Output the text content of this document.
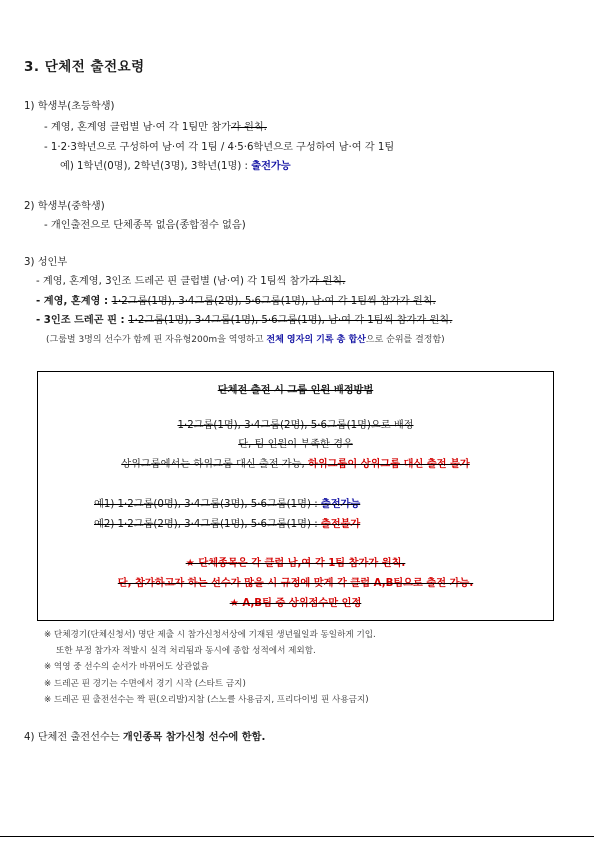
3. 단체전 출전요령
1) 학생부(초등학생)
- 계영, 혼계영 클럽별 남·여 각 1팀만 참가가 원칙.
- 1·2·3학년으로 구성하여 남·여 각 1팀 / 4·5·6학년으로 구성하여 남·여 각 1팀
예) 1학년(0명), 2학년(3명), 3학년(1명) : 출전가능
2) 학생부(중학생)
- 개인출전으로 단체종목 없음(종합점수 없음)
3) 성인부
- 계영, 혼계영, 3인조 드레곤 핀 클럽별 (남·여) 각 1팀씩 참가가 원칙.
- 계영, 혼계영 : 1·2그룹(1명), 3·4그룹(2명), 5·6그룹(1명), 남·여 각 1팀씩 참가가 원칙.
- 3인조 드레곤 핀 : 1·2그룹(1명), 3·4그룹(1명), 5·6그룹(1명), 남·여 각 1팀씩 참가가 원칙.
(그룹별 3명의 선수가 함께 핀 자유형200m을 역영하고 전체 영자의 기록 총 합산으로 순위를 결정함)
단체전 출전 시 그룹 인원 배정방법
1·2그룹(1명), 3·4그룹(2명), 5·6그룹(1명)으로 배정
단, 팀 인원이 부족한 경우
상위그룹에서는 하위그룹 대신 출전 가능, 하위그룹이 상위그룹 대신 출전 불가
예1) 1·2그룹(0명), 3·4그룹(3명), 5·6그룹(1명) : 출전가능
예2) 1·2그룹(2명), 3·4그룹(1명), 5·6그룹(1명) : 출전불가
★ 단체종목은 각 클럽 남,여 각 1팀 참가가 원칙.
단, 참가하고자 하는 선수가 많을 시 규정에 맞게 각 클럽 A,B팀으로 출전 가능.
★ A,B팀 중 상위점수만 인정
※ 단체경기(단체신청서) 명단 제출 시 참가신청서상에 기재된 생년월일과 동일하게 기입.
또한 부정 참가자 적발시 실격 처리됨과 동시에 종합 성적에서 제외함.
※ 역영 중 선수의 순서가 바뀌어도 상관없음
※ 드레곤 핀 경기는 수면에서 경기 시작 (스타트 금지)
※ 드레곤 핀 출전선수는 짝 핀(오리발)지참 (스노클 사용금지, 프리다이빙 핀 사용금지)
4) 단체전 출전선수는 개인종목 참가신청 선수에 한함.
